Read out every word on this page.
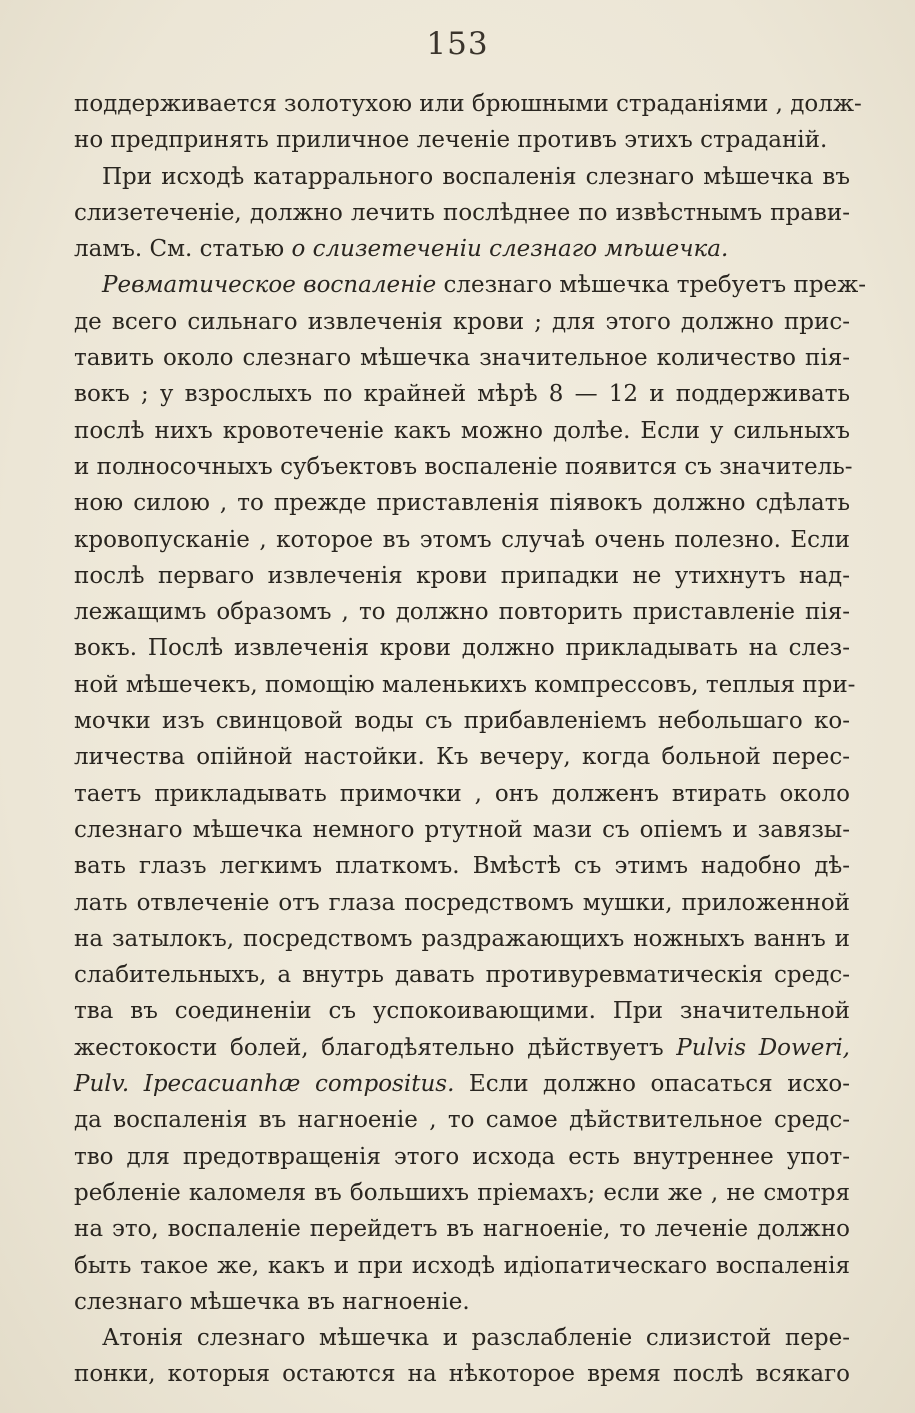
153
поддерживается золотухою или брюшными страданіями , долж-
но предпринять приличное леченіе противъ этихъ страданій.
При исходѣ катаррального воспаленія слезнаго мѣшечка въ
слизетеченіе, должно лечить послѣднее по извѣстнымъ прави-
ламъ. См. статью о слизетеченіи слезнаго мѣшечка.
Ревматическое воспаленіе слезнаго мѣшечка требуетъ преж-
де всего сильнаго извлеченія крови ; для этого должно прис-
тавить около слезнаго мѣшечка значительное количество пія-
вокъ ; у взрослыхъ по крайней мѣрѣ 8 — 12 и поддерживать
послѣ нихъ кровотеченіе какъ можно долѣе. Если у сильныхъ
и полносочныхъ субъектовъ воспаленіе появится съ значитель-
ною силою , то прежде приставленія піявокъ должно сдѣлать
кровопусканіе , которое въ этомъ случаѣ очень полезно. Если
послѣ перваго извлеченія крови припадки не утихнутъ над-
лежащимъ образомъ , то должно повторить приставленіе пія-
вокъ. Послѣ извлеченія крови должно прикладывать на слез-
ной мѣшечекъ, помощію маленькихъ компрессовъ, теплыя при-
мочки изъ свинцовой воды съ прибавленіемъ небольшаго ко-
личества опійной настойки. Къ вечеру, когда больной перес-
таетъ прикладывать примочки , онъ долженъ втирать около
слезнаго мѣшечка немного ртутной мази съ опіемъ и завязы-
вать глазъ легкимъ платкомъ. Вмѣстѣ съ этимъ надобно дѣ-
лать отвлеченіе отъ глаза посредствомъ мушки, приложенной
на затылокъ, посредствомъ раздражающихъ ножныхъ ваннъ и
слабительныхъ, а внутрь давать противуревматическія средс-
тва въ соединеніи съ успокоивающими. При значительной
жестокости болей, благодѣятельно дѣйствуетъ Pulvis Doweri,
Pulv. Ipecacuanhæ compositus. Если должно опасаться исхо-
да воспаленія въ нагноеніе , то самое дѣйствительное средс-
тво для предотвращенія этого исхода есть внутреннее упот-
ребленіе каломеля въ большихъ пріемахъ; если же , не смотря
на это, воспаленіе перейдетъ въ нагноеніе, то леченіе должно
быть такое же, какъ и при исходѣ идіопатическаго воспаленія
слезнаго мѣшечка въ нагноеніе.
Атонія слезнаго мѣшечка и разслабленіе слизистой пере-
понки, которыя остаются на нѣкоторое время послѣ всякаго
